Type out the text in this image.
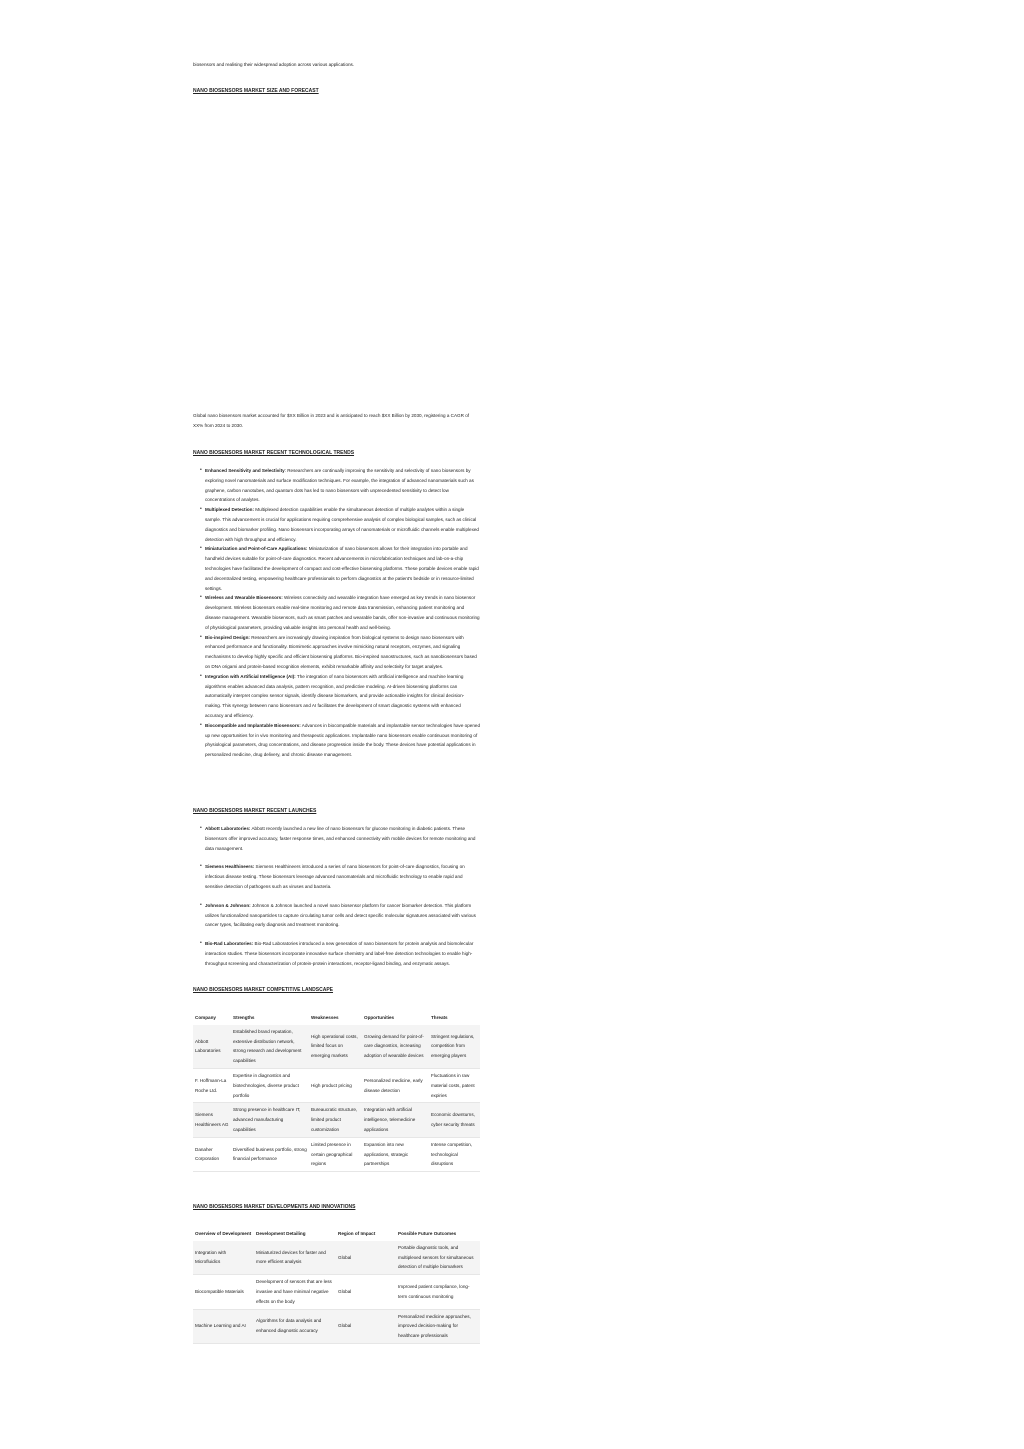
biosensors and realising their widespread adoption across various applications.
NANO BIOSENSORS MARKET SIZE AND FORECAST
Global nano biosensors market accounted for $XX Billion in 2023 and is anticipated to reach $XX Billion by 2030, registering a CAGR of XX% from 2024 to 2030.
NANO BIOSENSORS MARKET RECENT TECHNOLOGICAL TRENDS
• Enhanced Sensitivity and Selectivity: Researchers are continually improving the sensitivity and selectivity of nano biosensors by exploring novel nanomaterials and surface modification techniques. For example, the integration of advanced nanomaterials such as graphene, carbon nanotubes, and quantum dots has led to nano biosensors with unprecedented sensitivity to detect low concentrations of analytes.
• Multiplexed Detection: Multiplexed detection capabilities enable the simultaneous detection of multiple analytes within a single sample. This advancement is crucial for applications requiring comprehensive analysis of complex biological samples, such as clinical diagnostics and biomarker profiling. Nano biosensors incorporating arrays of nanomaterials or microfluidic channels enable multiplexed detection with high throughput and efficiency.
• Miniaturization and Point-of-Care Applications: Miniaturization of nano biosensors allows for their integration into portable and handheld devices suitable for point-of-care diagnostics. Recent advancements in microfabrication techniques and lab-on-a-chip technologies have facilitated the development of compact and cost-effective biosensing platforms. These portable devices enable rapid and decentralized testing, empowering healthcare professionals to perform diagnostics at the patient's bedside or in resource-limited settings.
• Wireless and Wearable Biosensors: Wireless connectivity and wearable integration have emerged as key trends in nano biosensor development. Wireless biosensors enable real-time monitoring and remote data transmission, enhancing patient monitoring and disease management. Wearable biosensors, such as smart patches and wearable bands, offer non-invasive and continuous monitoring of physiological parameters, providing valuable insights into personal health and well-being.
• Bio-inspired Design: Researchers are increasingly drawing inspiration from biological systems to design nano biosensors with enhanced performance and functionality. Biomimetic approaches involve mimicking natural receptors, enzymes, and signaling mechanisms to develop highly specific and efficient biosensing platforms. Bio-inspired nanostructures, such as nanobiosensors based on DNA origami and protein-based recognition elements, exhibit remarkable affinity and selectivity for target analytes.
• Integration with Artificial Intelligence (AI): The integration of nano biosensors with artificial intelligence and machine learning algorithms enables advanced data analysis, pattern recognition, and predictive modeling. AI-driven biosensing platforms can automatically interpret complex sensor signals, identify disease biomarkers, and provide actionable insights for clinical decision-making. This synergy between nano biosensors and AI facilitates the development of smart diagnostic systems with enhanced accuracy and efficiency.
• Biocompatible and Implantable Biosensors: Advances in biocompatible materials and implantable sensor technologies have opened up new opportunities for in vivo monitoring and therapeutic applications. Implantable nano biosensors enable continuous monitoring of physiological parameters, drug concentrations, and disease progression inside the body. These devices have potential applications in personalized medicine, drug delivery, and chronic disease management.
NANO BIOSENSORS MARKET RECENT LAUNCHES
• Abbott Laboratories: Abbott recently launched a new line of nano biosensors for glucose monitoring in diabetic patients. These biosensors offer improved accuracy, faster response times, and enhanced connectivity with mobile devices for remote monitoring and data management.
• Siemens Healthineers: Siemens Healthineers introduced a series of nano biosensors for point-of-care diagnostics, focusing on infectious disease testing. These biosensors leverage advanced nanomaterials and microfluidic technology to enable rapid and sensitive detection of pathogens such as viruses and bacteria.
• Johnson & Johnson: Johnson & Johnson launched a novel nano biosensor platform for cancer biomarker detection. This platform utilizes functionalized nanoparticles to capture circulating tumor cells and detect specific molecular signatures associated with various cancer types, facilitating early diagnosis and treatment monitoring.
• Bio-Rad Laboratories: Bio-Rad Laboratories introduced a new generation of nano biosensors for protein analysis and biomolecular interaction studies. These biosensors incorporate innovative surface chemistry and label-free detection technologies to enable high-throughput screening and characterization of protein-protein interactions, receptor-ligand binding, and enzymatic assays.
NANO BIOSENSORS MARKET COMPETITIVE LANDSCAPE
Company	Strengths	Weaknesses	Opportunities	Threats
Abbott Laboratories	Established brand reputation, extensive distribution network, strong research and development capabilities	High operational costs, limited focus on emerging markets	Growing demand for point-of-care diagnostics, increasing adoption of wearable devices	Stringent regulations, competition from emerging players
F. Hoffmann-La Roche Ltd.	Expertise in diagnostics and biotechnologies, diverse product portfolio	High product pricing	Personalized medicine, early disease detection	Fluctuations in raw material costs, patent expiries
Siemens Healthineers AG	Strong presence in healthcare IT, advanced manufacturing capabilities	Bureaucratic structure, limited product customization	Integration with artificial intelligence, telemedicine applications	Economic downturns, cyber security threats
Danaher Corporation	Diversified business portfolio, strong financial performance	Limited presence in certain geographical regions	Expansion into new applications, strategic partnerships	Intense competition, technological disruptions
NANO BIOSENSORS MARKET DEVELOPMENTS AND INNOVATIONS
Overview of Development	Development Detailing	Region of Impact	Possible Future Outcomes
Integration with Microfluidics	Miniaturized devices for faster and more efficient analysis	Global	Portable diagnostic tools, and multiplexed sensors for simultaneous detection of multiple biomarkers
Biocompatible Materials	Development of sensors that are less invasive and have minimal negative effects on the body	Global	Improved patient compliance, long-term continuous monitoring
Machine Learning and AI	Algorithms for data analysis and enhanced diagnostic accuracy	Global	Personalized medicine approaches, improved decision-making for healthcare professionals
